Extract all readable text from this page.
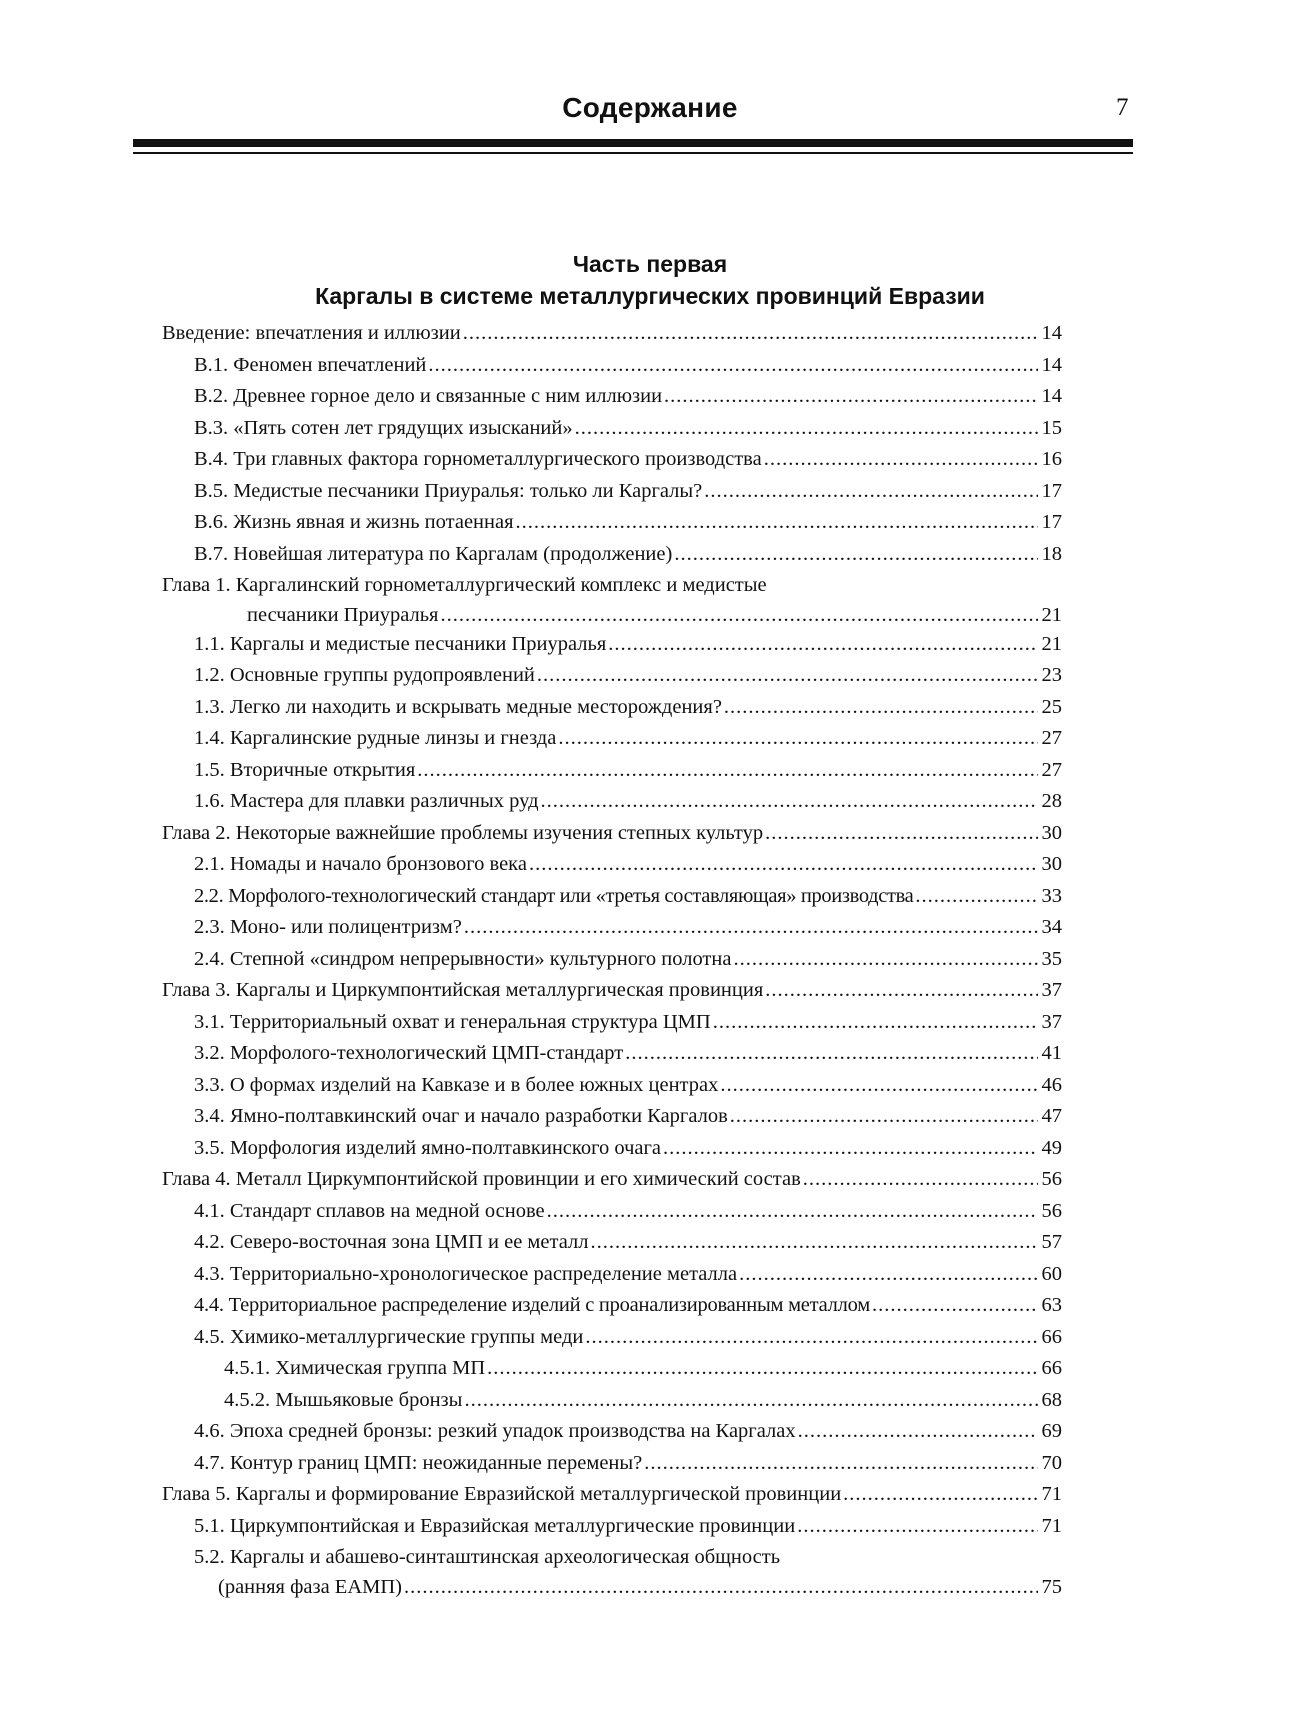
Содержание	7
Часть первая
Каргалы в системе металлургических провинций Евразии
Введение: впечатления и иллюзии .....	14
В.1. Феномен впечатлений .....	14
В.2. Древнее горное дело и связанные с ним иллюзии .....	14
В.3. «Пять сотен лет грядущих изысканий» .....	15
В.4. Три главных фактора горнометаллургического производства .....	16
В.5. Медистые песчаники Приуралья: только ли Каргалы? .....	17
В.6. Жизнь явная и жизнь потаенная .....	17
В.7. Новейшая литература по Каргалам (продолжение) .....	18
Глава 1. Каргалинский горнометаллургический комплекс и медистые
песчаники Приуралья .....	21
1.1. Каргалы и медистые песчаники Приуралья .....	21
1.2. Основные группы рудопроявлений .....	23
1.3. Легко ли находить и вскрывать медные месторождения? .....	25
1.4. Каргалинские рудные линзы и гнезда .....	27
1.5. Вторичные открытия .....	27
1.6. Мастера для плавки различных руд .....	28
Глава 2. Некоторые важнейшие проблемы изучения степных культур .....	30
2.1. Номады и начало бронзового века .....	30
2.2. Морфолого-технологический стандарт или «третья составляющая» производства .....	33
2.3. Моно- или полицентризм? .....	34
2.4. Степной «синдром непрерывности» культурного полотна .....	35
Глава 3. Каргалы и Циркумпонтийская металлургическая провинция .....	37
3.1. Территориальный охват и генеральная структура ЦМП .....	37
3.2. Морфолого-технологический ЦМП-стандарт .....	41
3.3. О формах изделий на Кавказе и в более южных центрах .....	46
3.4. Ямно-полтавкинский очаг и начало разработки Каргалов .....	47
3.5. Морфология изделий ямно-полтавкинского очага .....	49
Глава 4. Металл Циркумпонтийской провинции и его химический состав .....	56
4.1. Стандарт сплавов на медной основе .....	56
4.2. Северо-восточная зона ЦМП и ее металл .....	57
4.3. Территориально-хронологическое распределение металла .....	60
4.4. Территориальное распределение изделий с проанализированным металлом .....	63
4.5. Химико-металлургические группы меди .....	66
4.5.1. Химическая группа МП .....	66
4.5.2. Мышьяковые бронзы .....	68
4.6. Эпоха средней бронзы: резкий упадок производства на Каргалах .....	69
4.7. Контур границ ЦМП: неожиданные перемены? .....	70
Глава 5. Каргалы и формирование Евразийской металлургической провинции .....	71
5.1. Циркумпонтийская и Евразийская металлургические провинции .....	71
5.2. Каргалы и абашево-синташтинская археологическая общность
(ранняя фаза ЕАМП) .....	75
